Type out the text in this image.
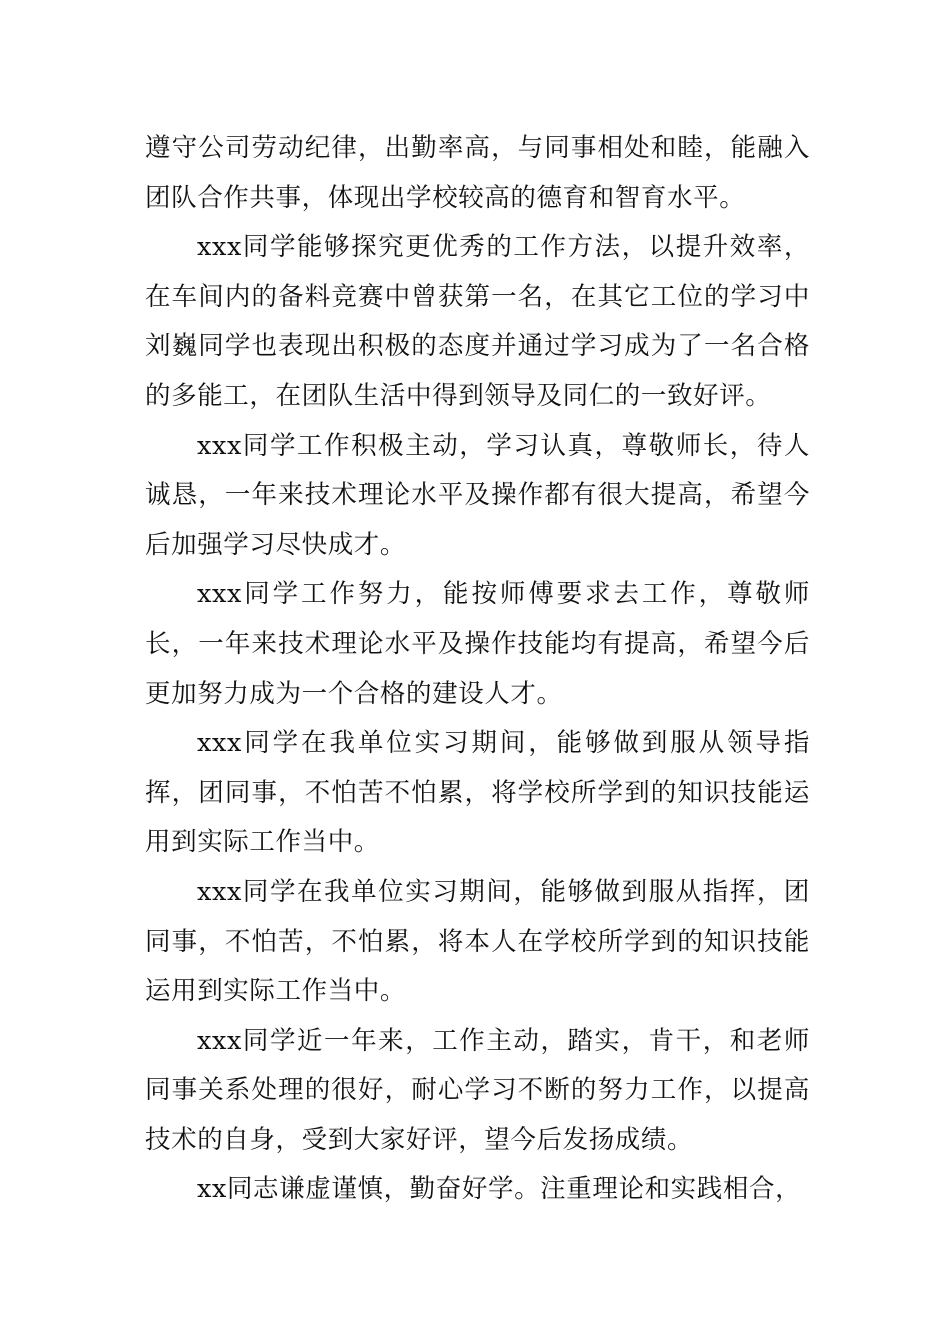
遵守公司劳动纪律，出勤率高，与同事相处和睦，能融入团队合作共事，体现出学校较高的德育和智育水平。

xxx同学能够探究更优秀的工作方法，以提升效率，在车间内的备料竞赛中曾获第一名，在其它工位的学习中刘巍同学也表现出积极的态度并通过学习成为了一名合格的多能工，在团队生活中得到领导及同仁的一致好评。

xxx同学工作积极主动，学习认真，尊敬师长，待人诚恳，一年来技术理论水平及操作都有很大提高，希望今后加强学习尽快成才。

xxx同学工作努力，能按师傅要求去工作，尊敬师长，一年来技术理论水平及操作技能均有提高，希望今后更加努力成为一个合格的建设人才。

xxx同学在我单位实习期间，能够做到服从领导指挥，团同事，不怕苦不怕累，将学校所学到的知识技能运用到实际工作当中。

xxx同学在我单位实习期间，能够做到服从指挥，团同事，不怕苦，不怕累，将本人在学校所学到的知识技能运用到实际工作当中。

xxx同学近一年来，工作主动，踏实，肯干，和老师同事关系处理的很好，耐心学习不断的努力工作，以提高技术的自身，受到大家好评，望今后发扬成绩。

xx同志谦虚谨慎，勤奋好学。注重理论和实践相合，
